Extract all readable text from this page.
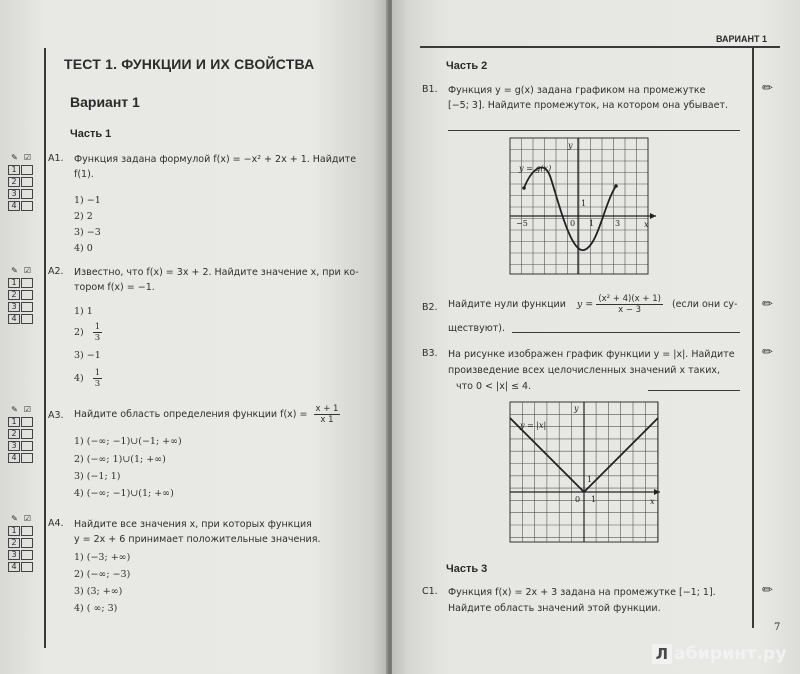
ТЕСТ 1. ФУНКЦИИ И ИХ СВОЙСТВА
Вариант 1
Часть 1
✎ ☑
1
2
3
4
A1. Функция задана формулой f(x) = −x² + 2x + 1. Найдите
f(1).
1) −1
2) 2
3) −3
4) 0
✎ ☑
1
2
3
4
A2. Известно, что f(x) = 3x + 2. Найдите значение x, при ко-
тором f(x) = −1.
1) 1
$2) \frac{1}{3}$
3) −1
$4) \frac{1}{3}$
✎ ☑
1
2
3
4
A3. Найдите область определения функции $f(x) = \frac{x + 1}{x 1}$
1) (−∞; −1)∪(−1; +∞)
2) (−∞; 1)∪(1; +∞)
3) (−1; 1)
4) (−∞; −1)∪(1; +∞)
✎ ☑
1
2
3
4
A4. Найдите все значения x, при которых функция
y = 2x + 6 принимает положительные значения.
1) (−3; +∞)
2) (−∞; −3)
3) (3; +∞)
4) ( ∞; 3)
ВАРИАНТ 1
Часть 2
B1. Функция y = g(x) задана графиком на промежутке
[−5; 3]. Найдите промежуток, на котором она убывает.
✏
y = g(x)
y
x
−5	0 1	3
1
B2. Найдите нули функции $y = \frac{\text{(x² + 4)(x + 1)}}{x - 3}$ (если они су-
ществуют).
✏
B3. На рисунке изображен график функции y = |x|. Найдите
произведение всех целочисленных значений x таких,
что 0 < |x| ≤ 4.
✏
y = |x|
y
x
0 1
1
Часть 3
C1. Функция f(x) = 2x + 3 задана на промежутке [−1; 1].
Найдите область значений этой функции.
✏
7
Л абиринт.ру
